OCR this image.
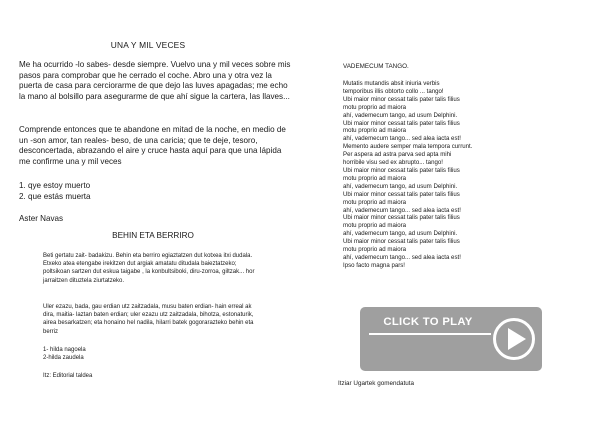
UNA Y MIL VECES

Me ha ocurrido -lo sabes- desde siempre. Vuelvo una y mil veces sobre mis pasos para comprobar que he cerrado el coche. Abro una y otra vez la puerta de casa para cerciorarme de que dejo las luves apagadas; me echo la mano al bolsillo para asegurarme de que ahí sigue la cartera, las llaves...

Comprende entonces que te abandone en mitad de la noche, en medio de un -son amor, tan reales- beso, de una caricia; que te deje, tesoro, desconcertada, abrazando el aire y cruce hasta aquí para que una lápida me confirme una y mil veces

1. qye estoy muerto
2. que estás muerta
Aster Navas
BEHIN ETA BERRIRO

Beti gertatu zait- badakizu. Behin eta berriro egiaztatzen dut kotxea itxi dudala. Etxeko atea etengabe irekitzen dut argiak amatatu ditudala baieztatzeko; poltsikoan sartzen dut eskua taigabe , la konbultsiboki, diru-zorroa, giltzak... hor jarraitzen dituztela ziurtatzeko.

Uler ezazu, bada, gau erdian utz zaitzadala, musu baten erdian- hain erreal ak dira, maitia- laztan baten erdian; uler ezazu utz zaitzadala, bihotza, estonaturik, airea besarkatzen; eta honaino hel nadila, hilarri batek gogorarazteko behin eta berriz

1- hilda nagoela
2-hilda zaudela
Itz: Editorial taldea
VADEMECUM TANGO.
Mutatis mutandis absit iniuria verbis
temporibus illis obtorto collo ... tango!
Ubi maior minor cessat talis pater talis filius
motu proprio ad maiora
ahí, vademecum tango, ad usum Delphini.
Ubi maior minor cessat talis pater talis filius
motu proprio ad maiora
ahí, vademecum tango... sed alea iacta est!
Memento audere semper mala tempora currunt.
Per aspera ad astra parva sed apta mihi
horribile visu sed ex abrupto... tango!
Ubi maior minor cessat talis pater talis filius
motu proprio ad maiora
ahí, vademecum tango, ad usum Delphini.
Ubi maior minor cessat talis pater talis filius
motu proprio ad maiora
ahí, vademecum tango... sed alea iacta est!
Ubi maior minor cessat talis pater talis filius
motu proprio ad maiora
ahí, vademecum tango, ad usum Delphini.
Ubi maior minor cessat talis pater talis filius
motu proprio ad maiora
ahí, vademecum tango... sed alea iacta est!
Ipso facto magna pars!
Itziar Ugartek gomendatuta
CLICK TO PLAY
